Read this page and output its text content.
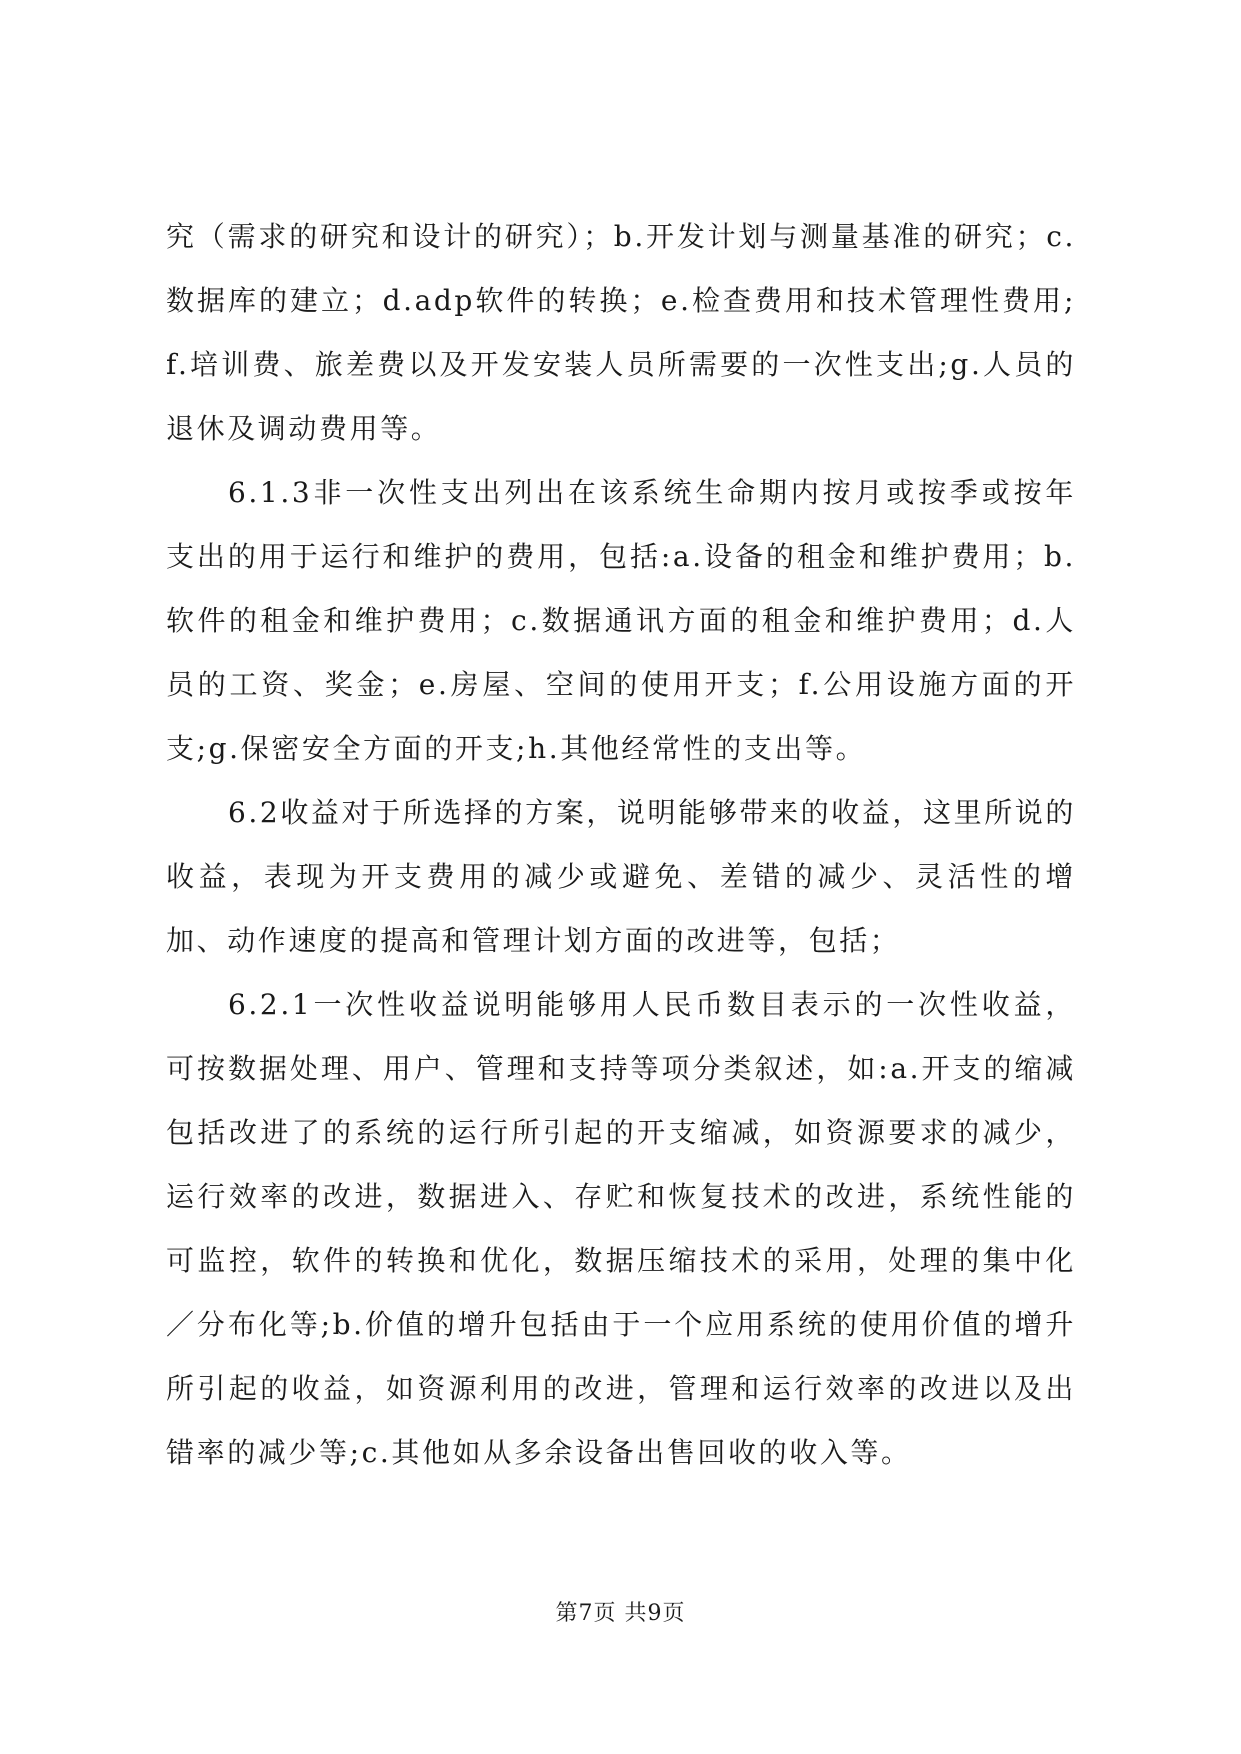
究（需求的研究和设计的研究）；b.开发计划与测量基准的研究；c.数据库的建立；d.adp软件的转换；e.检查费用和技术管理性费用;f.培训费、旅差费以及开发安装人员所需要的一次性支出;g.人员的退休及调动费用等。

6.1.3非一次性支出列出在该系统生命期内按月或按季或按年支出的用于运行和维护的费用，包括:a.设备的租金和维护费用；b.软件的租金和维护费用；c.数据通讯方面的租金和维护费用；d.人员的工资、奖金；e.房屋、空间的使用开支；f.公用设施方面的开支;g.保密安全方面的开支;h.其他经常性的支出等。

6.2收益对于所选择的方案，说明能够带来的收益，这里所说的收益，表现为开支费用的减少或避免、差错的减少、灵活性的增加、动作速度的提高和管理计划方面的改进等，包括；

6.2.1一次性收益说明能够用人民币数目表示的一次性收益，可按数据处理、用户、管理和支持等项分类叙述，如:a.开支的缩减包括改进了的系统的运行所引起的开支缩减，如资源要求的减少，运行效率的改进，数据进入、存贮和恢复技术的改进，系统性能的可监控，软件的转换和优化，数据压缩技术的采用，处理的集中化／分布化等;b.价值的增升包括由于一个应用系统的使用价值的增升所引起的收益，如资源利用的改进，管理和运行效率的改进以及出错率的减少等;c.其他如从多余设备出售回收的收入等。

第7页 共9页
